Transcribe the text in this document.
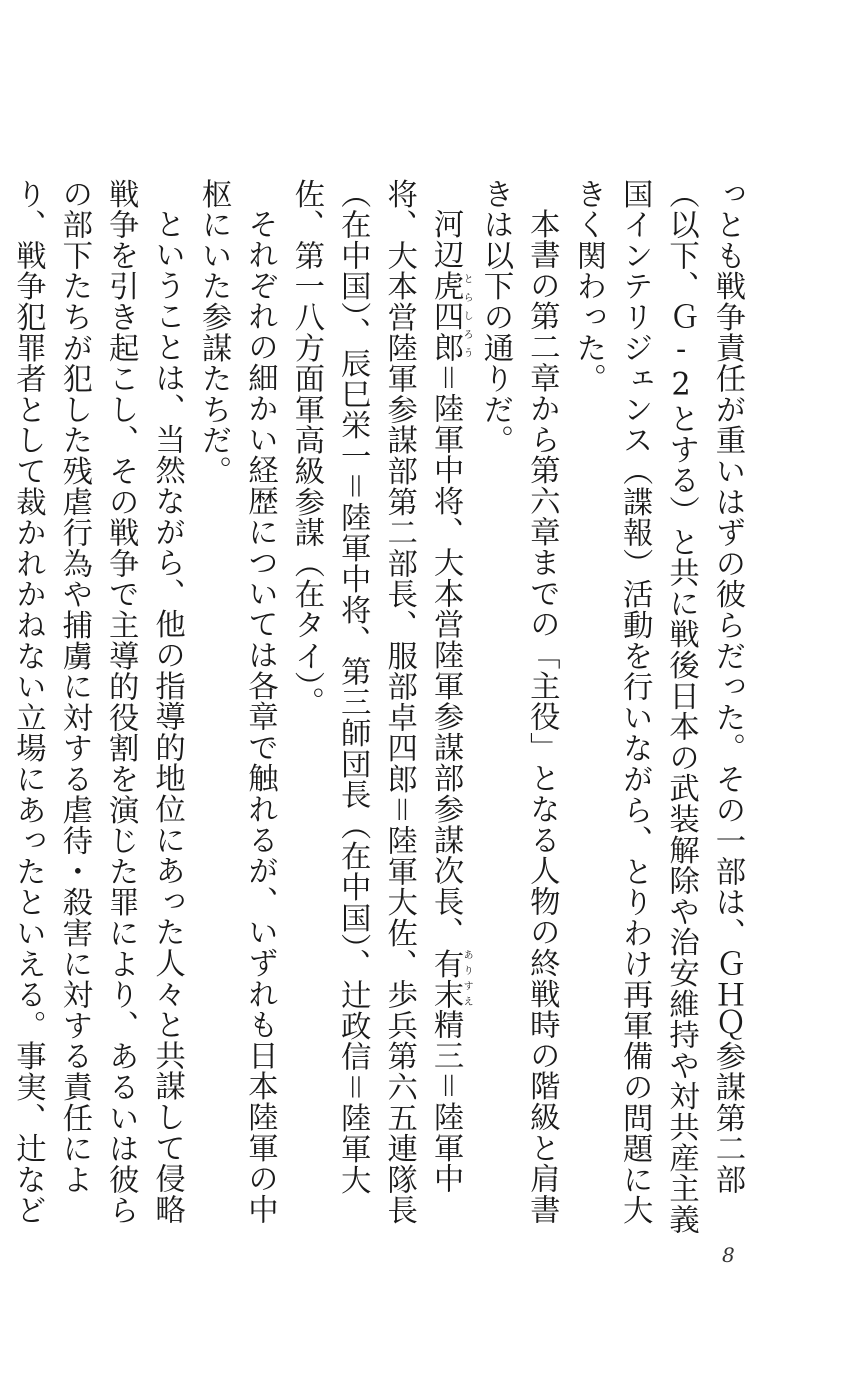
っとも戦争責任が重いはずの彼らだった。その一部は、ＧＨＱ参謀第二部（以下、Ｇ‐2とする）と共に戦後日本の武装解除や治安維持や対共産主義国インテリジェンス（諜報）活動を行いながら、とりわけ再軍備の問題に大きく関わった。

本書の第二章から第六章までの「主役」となる人物の終戦時の階級と肩書きは以下の通りだ。

河辺虎四郎とらしろう＝陸軍中将、大本営陸軍参謀部参謀次長、有末ありすえ精三＝陸軍中将、大本営陸軍参謀部第二部長、服部卓四郎＝陸軍大佐、歩兵第六五連隊長（在中国）、辰巳栄一＝陸軍中将、第三師団長（在中国）、辻政信＝陸軍大佐、第一八方面軍高級参謀（在タイ）。

それぞれの細かい経歴については各章で触れるが、いずれも日本陸軍の中枢にいた参謀たちだ。

ということは、当然ながら、他の指導的地位にあった人々と共謀して侵略戦争を引き起こし、その戦争で主導的役割を演じた罪により、あるいは彼らの部下たちが犯した残虐行為や捕虜に対する虐待・殺害に対する責任により、戦争犯罪者として裁かれかねない立場にあったといえる。事実、辻など

8
